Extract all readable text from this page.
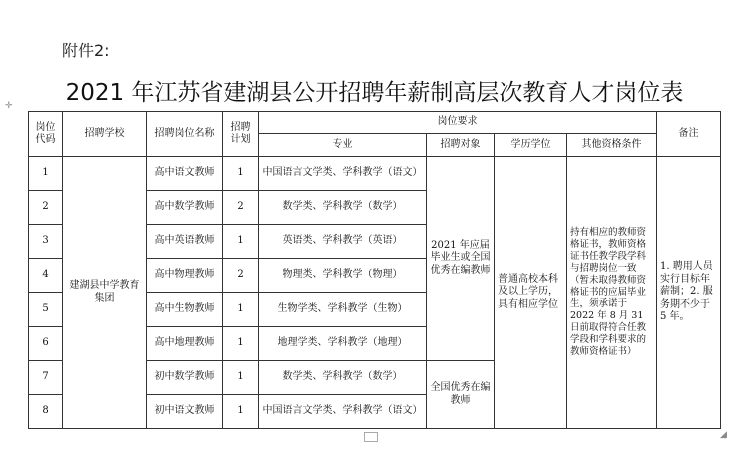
附件2:
2021 年江苏省建湖县公开招聘年薪制高层次教育人才岗位表
✛
◢
岗位代码	招聘学校	招聘岗位名称	招聘计划	岗位要求				备注
				专业	招聘对象	学历学位	其他资格条件	
1	建湖县中学教育集团	高中语文教师	1	中国语言文学类、学科教学（语文）	2021 年应届毕业生或全国优秀在编教师	普通高校本科及以上学历，具有相应学位	持有相应的教师资格证书，教师资格证书任教学段学科与招聘岗位一致（暂未取得教师资格证书的应届毕业生，须承诺于 2022 年 8 月 31 日前取得符合任教学段和学科要求的教师资格证书）	1. 聘用人员实行目标年薪制；2. 服务期不少于 5 年。
2		高中数学教师	2	数学类、学科教学（数学）				
3		高中英语教师	1	英语类、学科教学（英语）				
4		高中物理教师	2	物理类、学科教学（物理）				
5		高中生物教师	1	生物学类、学科教学（生物）				
6		高中地理教师	1	地理学类、学科教学（地理）				
7		初中数学教师	1	数学类、学科教学（数学）	全国优秀在编教师			
8		初中语文教师	1	中国语言文学类、学科教学（语文）				
